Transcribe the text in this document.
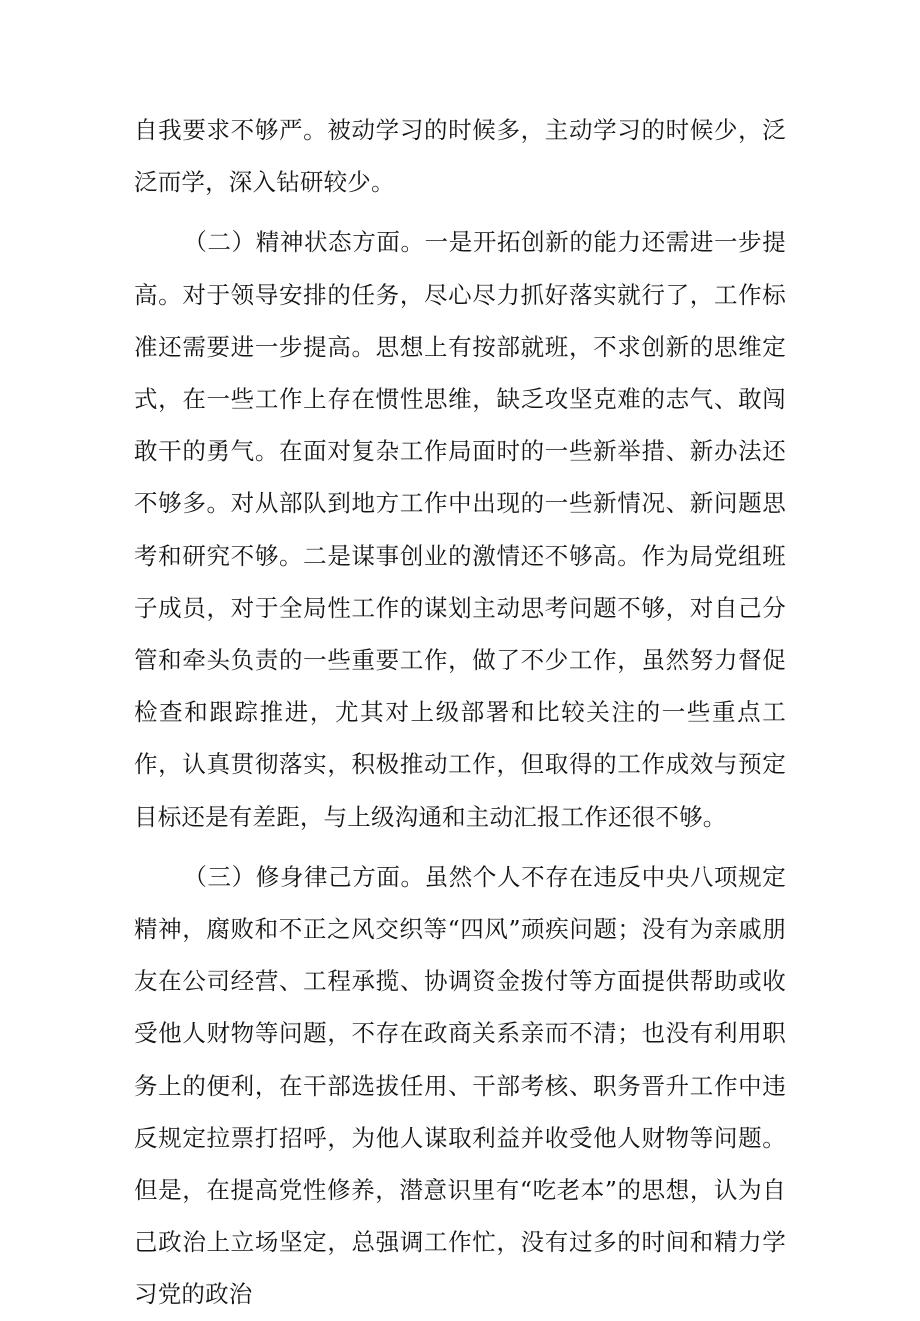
自我要求不够严。被动学习的时候多，主动学习的时候少，泛泛而学，深入钻研较少。

（二）精神状态方面。一是开拓创新的能力还需进一步提高。对于领导安排的任务，尽心尽力抓好落实就行了，工作标准还需要进一步提高。思想上有按部就班，不求创新的思维定式，在一些工作上存在惯性思维，缺乏攻坚克难的志气、敢闯敢干的勇气。在面对复杂工作局面时的一些新举措、新办法还不够多。对从部队到地方工作中出现的一些新情况、新问题思考和研究不够。二是谋事创业的激情还不够高。作为局党组班子成员，对于全局性工作的谋划主动思考问题不够，对自己分管和牵头负责的一些重要工作，做了不少工作，虽然努力督促检查和跟踪推进，尤其对上级部署和比较关注的一些重点工作，认真贯彻落实，积极推动工作，但取得的工作成效与预定目标还是有差距，与上级沟通和主动汇报工作还很不够。

（三）修身律己方面。虽然个人不存在违反中央八项规定精神，腐败和不正之风交织等“四风”顽疾问题；没有为亲戚朋友在公司经营、工程承揽、协调资金拨付等方面提供帮助或收受他人财物等问题，不存在政商关系亲而不清；也没有利用职务上的便利，在干部选拔任用、干部考核、职务晋升工作中违反规定拉票打招呼，为他人谋取利益并收受他人财物等问题。但是，在提高党性修养，潜意识里有“吃老本”的思想，认为自己政治上立场坚定，总强调工作忙，没有过多的时间和精力学习党的政治
